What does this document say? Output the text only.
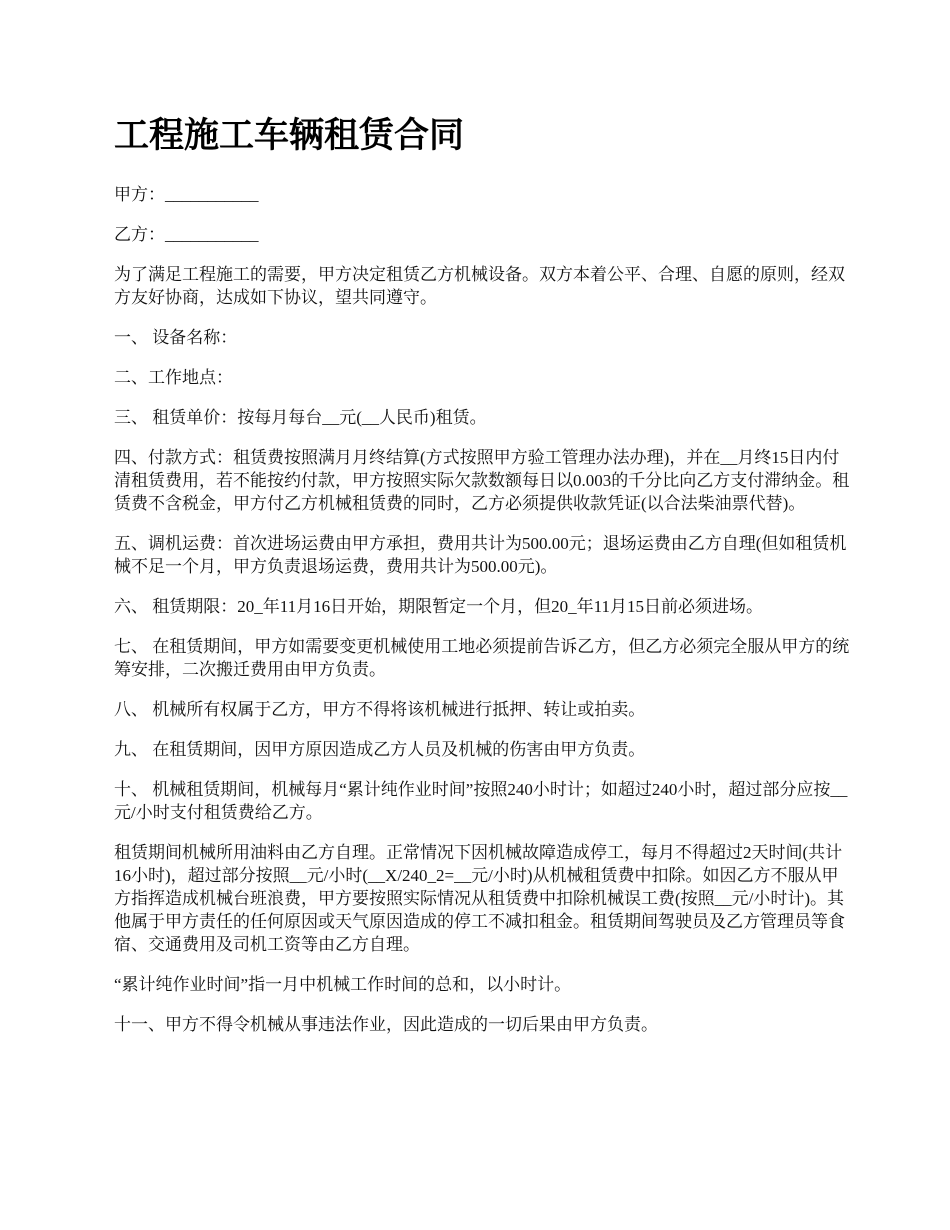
工程施工车辆租赁合同

甲方：___________

乙方：___________

为了满足工程施工的需要，甲方决定租赁乙方机械设备。双方本着公平、合理、自愿的原则，经双方友好协商，达成如下协议，望共同遵守。

一、 设备名称：

二、工作地点：

三、 租赁单价：按每月每台__元(__人民币)租赁。

四、付款方式：租赁费按照满月月终结算(方式按照甲方验工管理办法办理)，并在__月终15日内付清租赁费用，若不能按约付款，甲方按照实际欠款数额每日以0.003的千分比向乙方支付滞纳金。租赁费不含税金，甲方付乙方机械租赁费的同时，乙方必须提供收款凭证(以合法柴油票代替)。

五、调机运费：首次进场运费由甲方承担，费用共计为500.00元；退场运费由乙方自理(但如租赁机械不足一个月，甲方负责退场运费，费用共计为500.00元)。

六、 租赁期限：20_年11月16日开始，期限暂定一个月，但20_年11月15日前必须进场。

七、 在租赁期间，甲方如需要变更机械使用工地必须提前告诉乙方，但乙方必须完全服从甲方的统筹安排，二次搬迁费用由甲方负责。

八、 机械所有权属于乙方，甲方不得将该机械进行抵押、转让或拍卖。

九、 在租赁期间，因甲方原因造成乙方人员及机械的伤害由甲方负责。

十、 机械租赁期间，机械每月“累计纯作业时间”按照240小时计；如超过240小时，超过部分应按__元/小时支付租赁费给乙方。

租赁期间机械所用油料由乙方自理。正常情况下因机械故障造成停工，每月不得超过2天时间(共计16小时)，超过部分按照__元/小时(__X/240_2=__元/小时)从机械租赁费中扣除。如因乙方不服从甲方指挥造成机械台班浪费，甲方要按照实际情况从租赁费中扣除机械误工费(按照__元/小时计)。其他属于甲方责任的任何原因或天气原因造成的停工不减扣租金。租赁期间驾驶员及乙方管理员等食宿、交通费用及司机工资等由乙方自理。

“累计纯作业时间”指一月中机械工作时间的总和，以小时计。

十一、甲方不得令机械从事违法作业，因此造成的一切后果由甲方负责。
